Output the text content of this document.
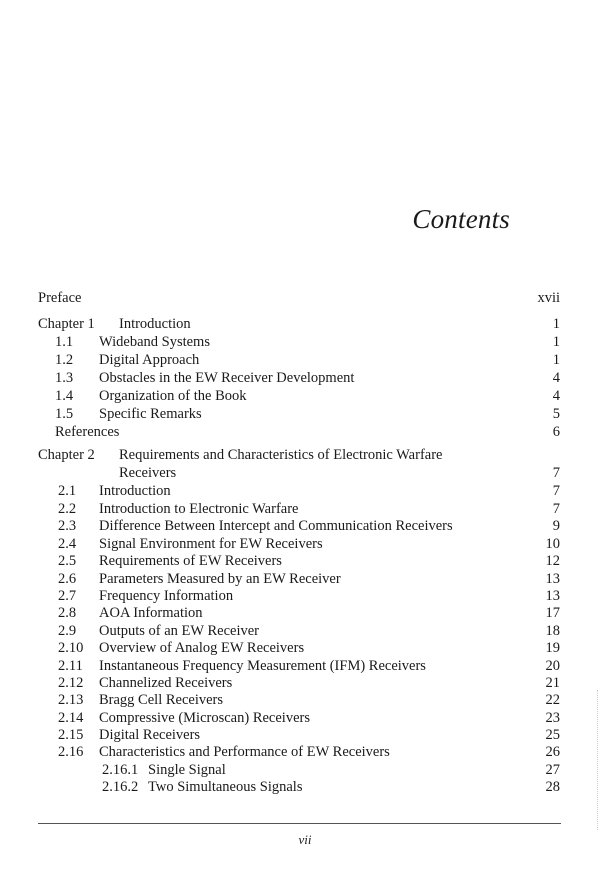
Contents
Preface	xvii
Chapter 1 Introduction	1
1.1 Wideband Systems	1
1.2 Digital Approach	1
1.3 Obstacles in the EW Receiver Development	4
1.4 Organization of the Book	4
1.5 Specific Remarks	5
References	6
Chapter 2 Requirements and Characteristics of Electronic Warfare
Receivers	7
2.1 Introduction	7
2.2 Introduction to Electronic Warfare	7
2.3 Difference Between Intercept and Communication Receivers	9
2.4 Signal Environment for EW Receivers	10
2.5 Requirements of EW Receivers	12
2.6 Parameters Measured by an EW Receiver	13
2.7 Frequency Information	13
2.8 AOA Information	17
2.9 Outputs of an EW Receiver	18
2.10 Overview of Analog EW Receivers	19
2.11 Instantaneous Frequency Measurement (IFM) Receivers	20
2.12 Channelized Receivers	21
2.13 Bragg Cell Receivers	22
2.14 Compressive (Microscan) Receivers	23
2.15 Digital Receivers	25
2.16 Characteristics and Performance of EW Receivers	26
2.16.1 Single Signal	27
2.16.2 Two Simultaneous Signals	28
vii
